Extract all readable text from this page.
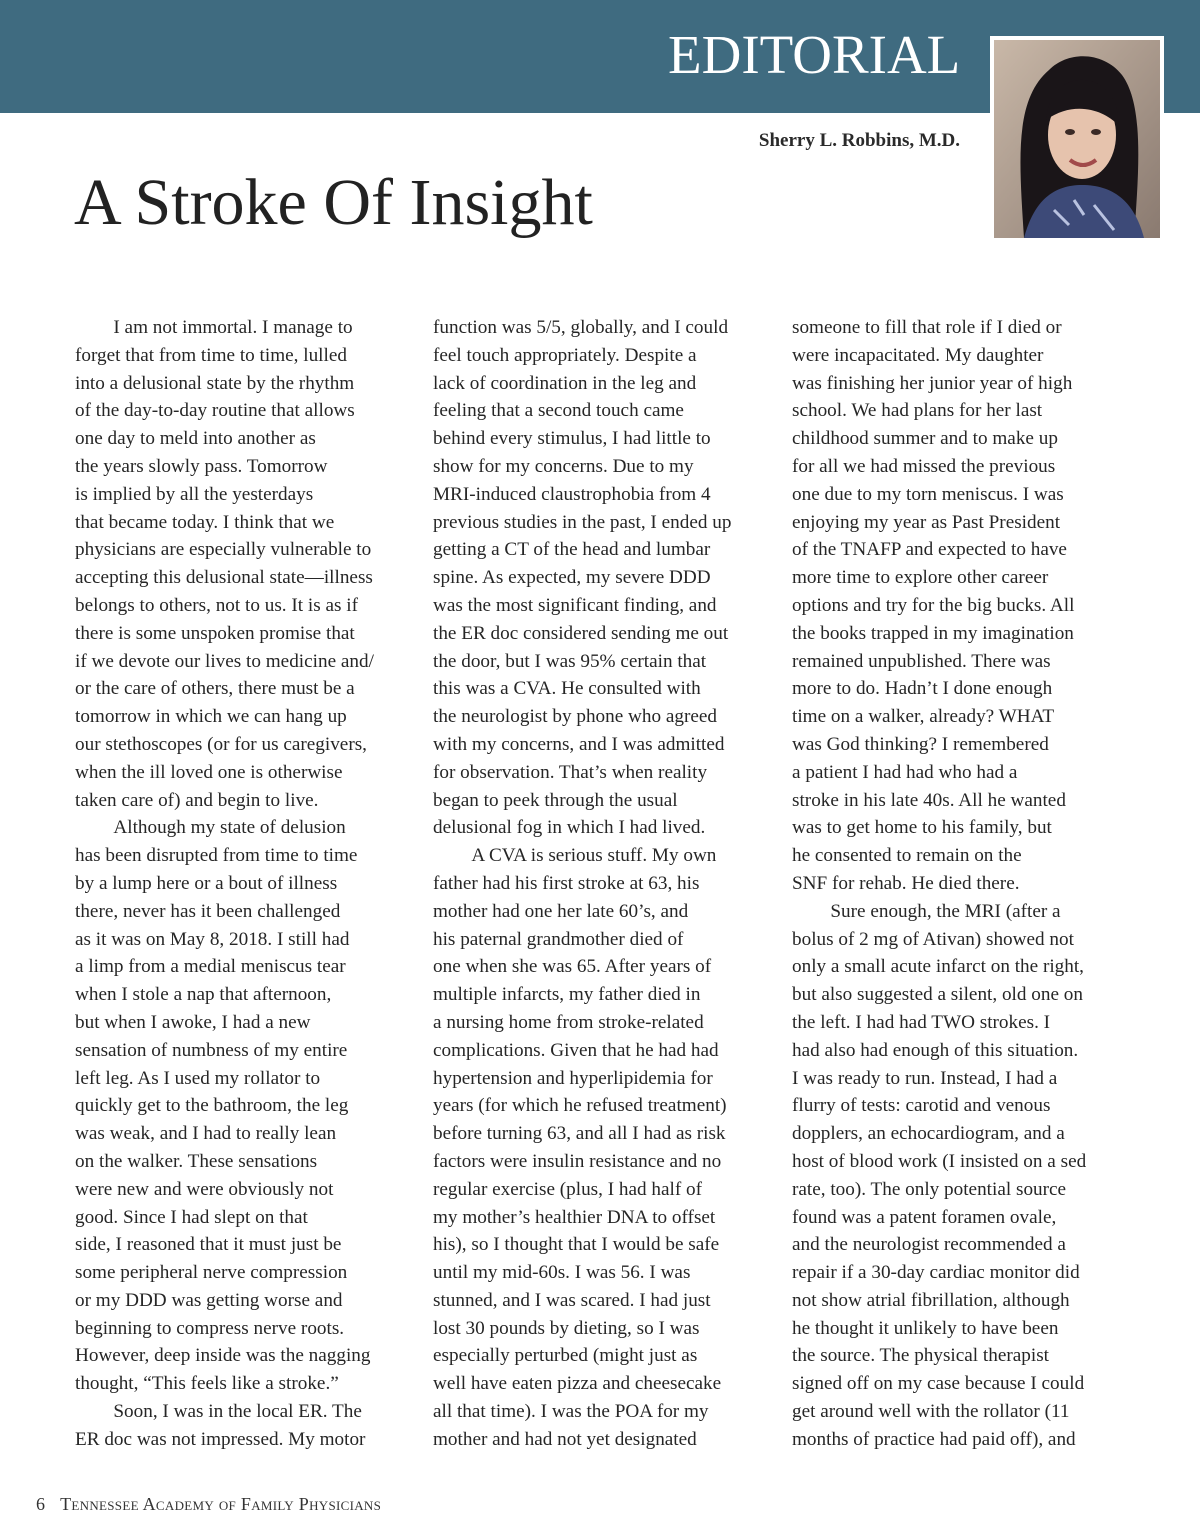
EDITORIAL
Sherry L. Robbins, M.D.
A Stroke Of Insight

  I am not immortal. I manage to

forget that from time to time, lulled

into a delusional state by the rhythm

of the day-to-day routine that allows

one day to meld into another as

the years slowly pass. Tomorrow

is implied by all the yesterdays

that became today. I think that we

physicians are especially vulnerable to

accepting this delusional state—illness

belongs to others, not to us. It is as if

there is some unspoken promise that

if we devote our lives to medicine and/

or the care of others, there must be a

tomorrow in which we can hang up

our stethoscopes (or for us caregivers,

when the ill loved one is otherwise

taken care of) and begin to live.

  Although my state of delusion

has been disrupted from time to time

by a lump here or a bout of illness

there, never has it been challenged

as it was on May 8, 2018. I still had

a limp from a medial meniscus tear

when I stole a nap that afternoon,

but when I awoke, I had a new

sensation of numbness of my entire

left leg. As I used my rollator to

quickly get to the bathroom, the leg

was weak, and I had to really lean

on the walker. These sensations

were new and were obviously not

good. Since I had slept on that

side, I reasoned that it must just be

some peripheral nerve compression

or my DDD was getting worse and

beginning to compress nerve roots.

However, deep inside was the nagging

thought, “This feels like a stroke.”

  Soon, I was in the local ER. The

ER doc was not impressed. My motor

function was 5/5, globally, and I could

feel touch appropriately. Despite a

lack of coordination in the leg and

feeling that a second touch came

behind every stimulus, I had little to

show for my concerns. Due to my

MRI-induced claustrophobia from 4

previous studies in the past, I ended up

getting a CT of the head and lumbar

spine. As expected, my severe DDD

was the most significant finding, and

the ER doc considered sending me out

the door, but I was 95% certain that

this was a CVA. He consulted with

the neurologist by phone who agreed

with my concerns, and I was admitted

for observation. That’s when reality

began to peek through the usual

delusional fog in which I had lived.

  A CVA is serious stuff. My own

father had his first stroke at 63, his

mother had one her late 60’s, and

his paternal grandmother died of

one when she was 65. After years of

multiple infarcts, my father died in

a nursing home from stroke-related

complications. Given that he had had

hypertension and hyperlipidemia for

years (for which he refused treatment)

before turning 63, and all I had as risk

factors were insulin resistance and no

regular exercise (plus, I had half of

my mother’s healthier DNA to offset

his), so I thought that I would be safe

until my mid-60s. I was 56. I was

stunned, and I was scared. I had just

lost 30 pounds by dieting, so I was

especially perturbed (might just as

well have eaten pizza and cheesecake

all that time). I was the POA for my

mother and had not yet designated

someone to fill that role if I died or

were incapacitated. My daughter

was finishing her junior year of high

school. We had plans for her last

childhood summer and to make up

for all we had missed the previous

one due to my torn meniscus. I was

enjoying my year as Past President

of the TNAFP and expected to have

more time to explore other career

options and try for the big bucks. All

the books trapped in my imagination

remained unpublished. There was

more to do. Hadn’t I done enough

time on a walker, already? WHAT

was God thinking? I remembered

a patient I had had who had a

stroke in his late 40s. All he wanted

was to get home to his family, but

he consented to remain on the

SNF for rehab. He died there.

  Sure enough, the MRI (after a

bolus of 2 mg of Ativan) showed not

only a small acute infarct on the right,

but also suggested a silent, old one on

the left. I had had TWO strokes. I

had also had enough of this situation.

I was ready to run. Instead, I had a

flurry of tests: carotid and venous

dopplers, an echocardiogram, and a

host of blood work (I insisted on a sed

rate, too). The only potential source

found was a patent foramen ovale,

and the neurologist recommended a

repair if a 30-day cardiac monitor did

not show atrial fibrillation, although

he thought it unlikely to have been

the source. The physical therapist

signed off on my case because I could

get around well with the rollator (11

months of practice had paid off), and

6 Tennessee Academy of Family Physicians
